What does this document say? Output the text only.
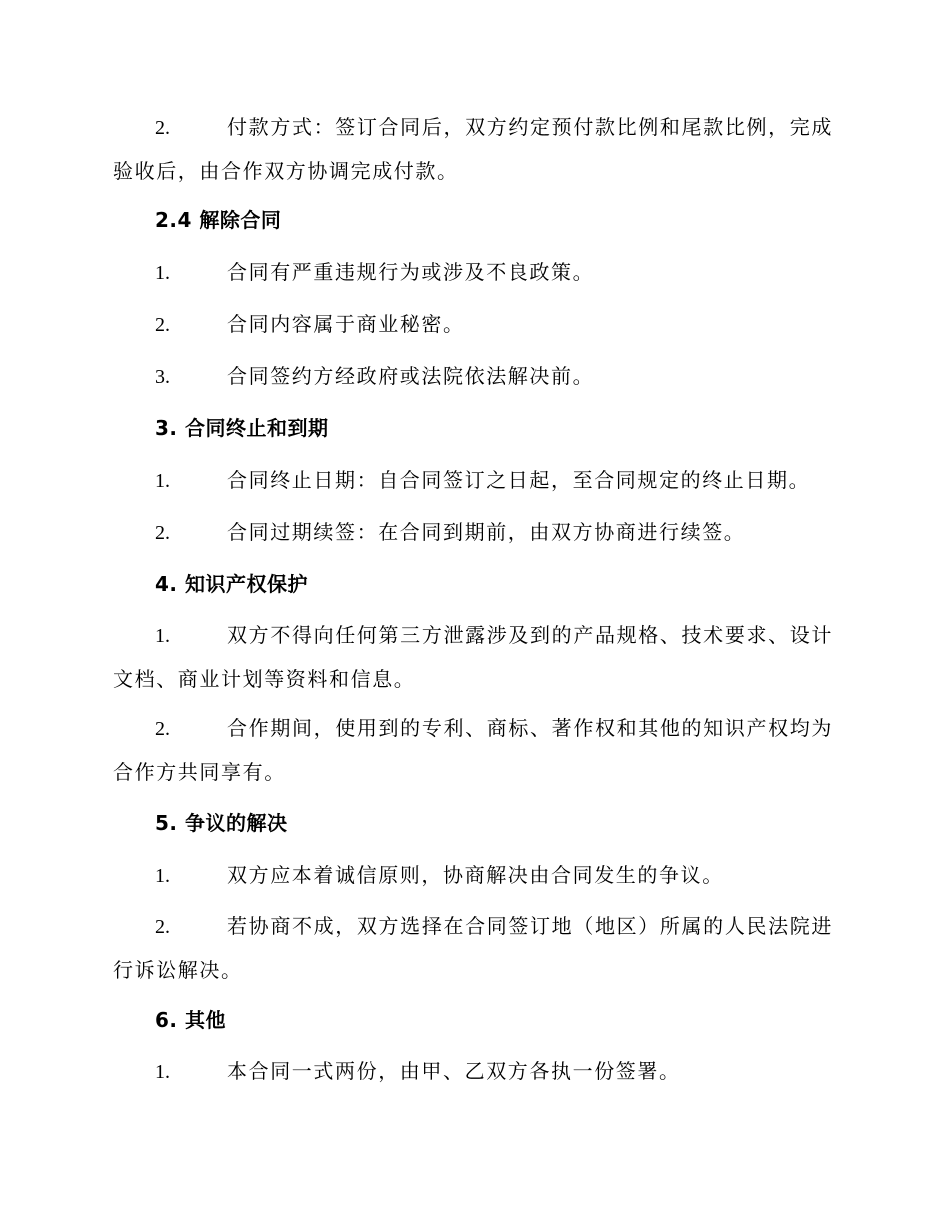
2.	付款方式：签订合同后，双方约定预付款比例和尾款比例，完成验收后，由合作双方协调完成付款。
2.4 解除合同
1.	合同有严重违规行为或涉及不良政策。
2.	合同内容属于商业秘密。
3.	合同签约方经政府或法院依法解决前。
3. 合同终止和到期
1.	合同终止日期：自合同签订之日起，至合同规定的终止日期。
2.	合同过期续签：在合同到期前，由双方协商进行续签。
4. 知识产权保护
1.	双方不得向任何第三方泄露涉及到的产品规格、技术要求、设计文档、商业计划等资料和信息。
2.	合作期间，使用到的专利、商标、著作权和其他的知识产权均为合作方共同享有。
5. 争议的解决
1.	双方应本着诚信原则，协商解决由合同发生的争议。
2.	若协商不成，双方选择在合同签订地（地区）所属的人民法院进行诉讼解决。
6. 其他
1.	本合同一式两份，由甲、乙双方各执一份签署。
